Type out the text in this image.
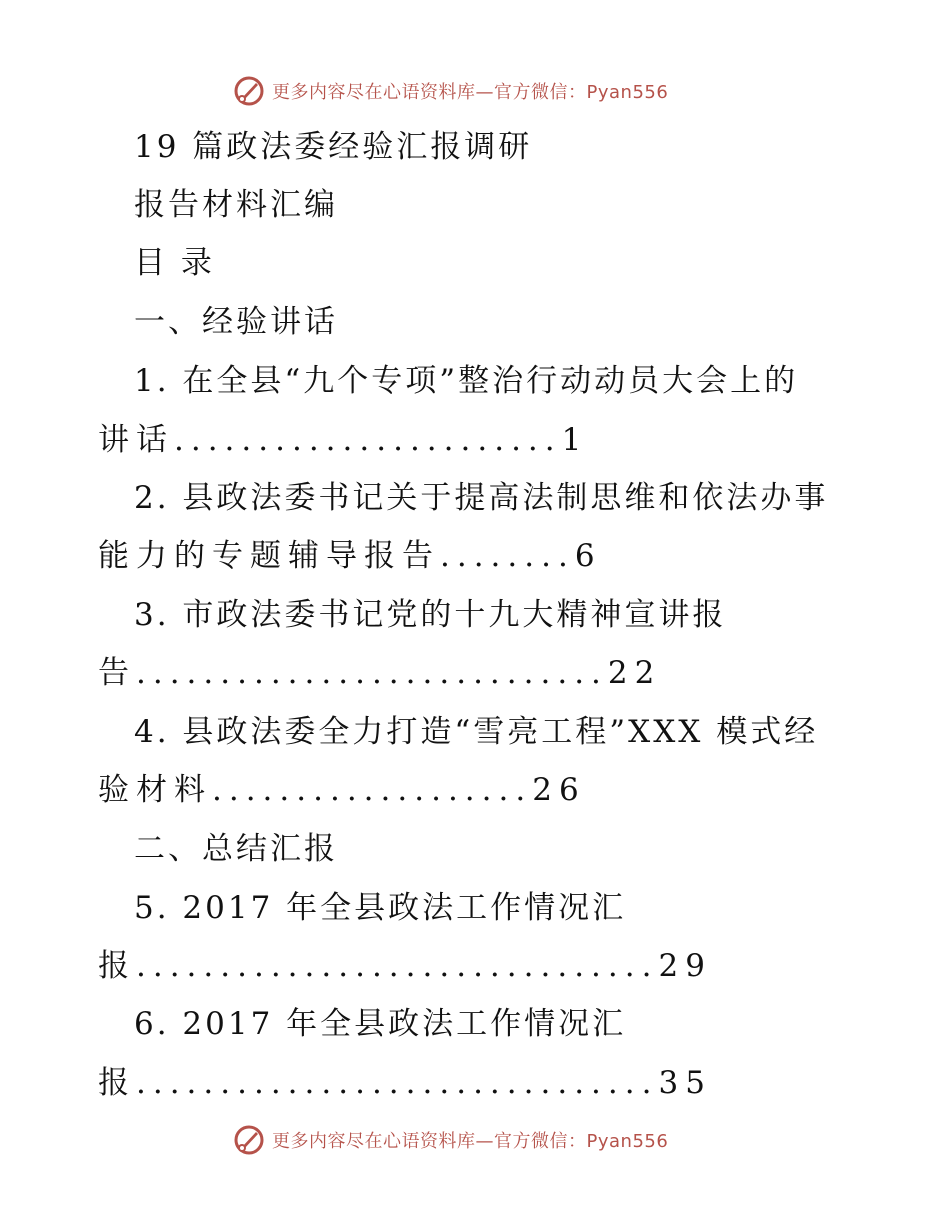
更多内容尽在心语资料库—官方微信：Pyan556
19 篇政法委经验汇报调研
报告材料汇编
目 录
一、经验讲话
1. 在全县“九个专项”整治行动动员大会上的
讲话.......................1
2. 县政法委书记关于提高法制思维和依法办事
能力的专题辅导报告........6
3. 市政法委书记党的十九大精神宣讲报
告............................22
4. 县政法委全力打造“雪亮工程”XXX 模式经
验材料...................26
二、总结汇报
5. 2017 年全县政法工作情况汇
报...............................29
6. 2017 年全县政法工作情况汇
报...............................35
更多内容尽在心语资料库—官方微信：Pyan556
